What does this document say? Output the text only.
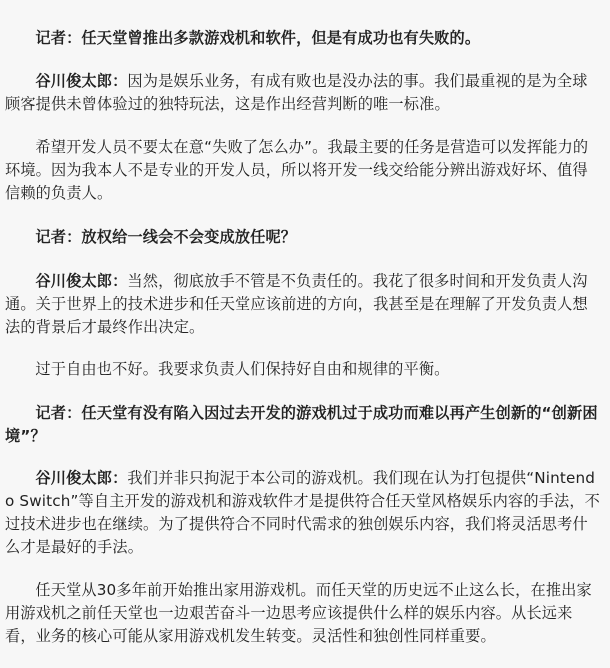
记者：任天堂曾推出多款游戏机和软件，但是有成功也有失败的。

谷川俊太郎：因为是娱乐业务，有成有败也是没办法的事。我们最重视的是为全球顾客提供未曾体验过的独特玩法，这是作出经营判断的唯一标准。

希望开发人员不要太在意“失败了怎么办”。我最主要的任务是营造可以发挥能力的环境。因为我本人不是专业的开发人员，所以将开发一线交给能分辨出游戏好坏、值得信赖的负责人。

记者：放权给一线会不会变成放任呢？

谷川俊太郎：当然，彻底放手不管是不负责任的。我花了很多时间和开发负责人沟通。关于世界上的技术进步和任天堂应该前进的方向，我甚至是在理解了开发负责人想法的背景后才最终作出决定。

过于自由也不好。我要求负责人们保持好自由和规律的平衡。

记者：任天堂有没有陷入因过去开发的游戏机过于成功而难以再产生创新的“创新困境”？

谷川俊太郎：我们并非只拘泥于本公司的游戏机。我们现在认为打包提供“Nintendo Switch”等自主开发的游戏机和游戏软件才是提供符合任天堂风格娱乐内容的手法，不过技术进步也在继续。为了提供符合不同时代需求的独创娱乐内容，我们将灵活思考什么才是最好的手法。

任天堂从30多年前开始推出家用游戏机。而任天堂的历史远不止这么长，在推出家用游戏机之前任天堂也一边艰苦奋斗一边思考应该提供什么样的娱乐内容。从长远来看，业务的核心可能从家用游戏机发生转变。灵活性和独创性同样重要。
